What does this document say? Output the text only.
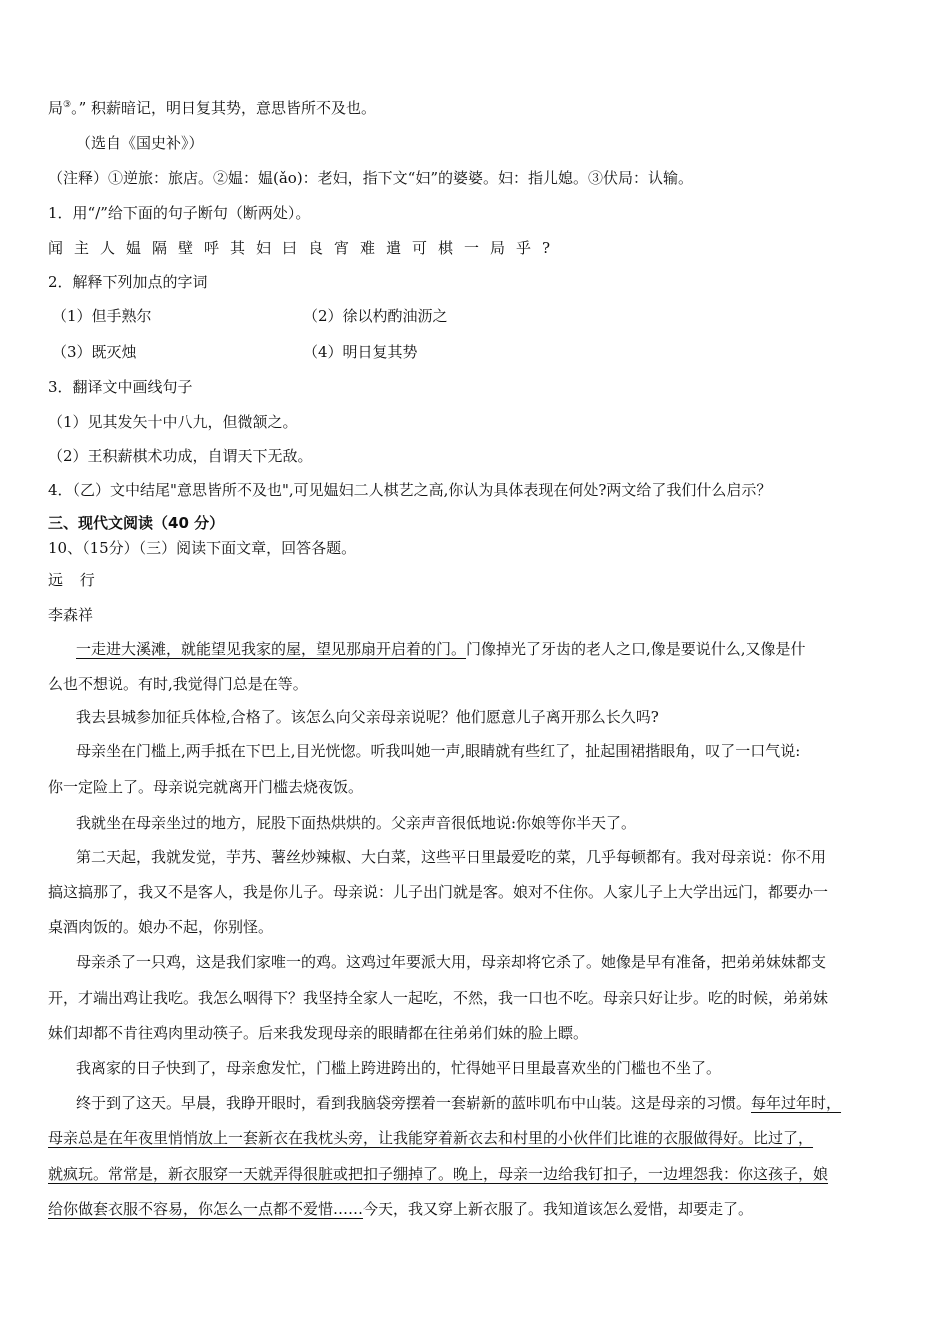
局③。” 积薪暗记，明日复其势，意思皆所不及也。
（选自《国史补》）
（注释）①逆旅：旅店。②媪：媪(ǎo)：老妇，指下文“妇”的婆婆。妇：指儿媳。③伏局：认输。
1．用“/”给下面的句子断句（断两处）。
闻主人媪隔壁呼其妇曰良宵难遣可棋一局乎?
2．解释下列加点的字词
（1）但手熟尔	（2）徐以杓酌油沥之
（3）既灭烛	（4）明日复其势
3．翻译文中画线句子
（1）见其发矢十中八九，但微颔之。
（2）王积薪棋术功成，自谓天下无敌。
4．（乙）文中结尾"意思皆所不及也",可见媪妇二人棋艺之高,你认为具体表现在何处?两文给了我们什么启示？
三、现代文阅读（40 分）
10、（15分）（三）阅读下面文章，回答各题。
远 行
李森祥
一走进大溪滩，就能望见我家的屋，望见那扇开启着的门。门像掉光了牙齿的老人之口,像是要说什么,又像是什
么也不想说。有时,我觉得门总是在等。
我去县城参加征兵体检,合格了。该怎么向父亲母亲说呢？他们愿意儿子离开那么长久吗?
母亲坐在门槛上,两手抵在下巴上,目光恍惚。听我叫她一声,眼睛就有些红了，扯起围裙揩眼角，叹了一口气说:
你一定险上了。母亲说完就离开门槛去烧夜饭。
我就坐在母亲坐过的地方，屁股下面热烘烘的。父亲声音很低地说:你娘等你半天了。
第二天起，我就发觉，芋艿、薯丝炒辣椒、大白菜，这些平日里最爱吃的菜，几乎每顿都有。我对母亲说：你不用
搞这搞那了，我又不是客人，我是你儿子。母亲说：儿子出门就是客。娘对不住你。人家儿子上大学出远门，都要办一
桌酒肉饭的。娘办不起，你别怪。
母亲杀了一只鸡，这是我们家唯一的鸡。这鸡过年要派大用，母亲却将它杀了。她像是早有准备，把弟弟妹妹都支
开，才端出鸡让我吃。我怎么咽得下？我坚持全家人一起吃，不然，我一口也不吃。母亲只好让步。吃的时候，弟弟妹
妹们却都不肯往鸡肉里动筷子。后来我发现母亲的眼睛都在往弟弟们妹的脸上瞟。
我离家的日子快到了，母亲愈发忙，门槛上跨进跨出的，忙得她平日里最喜欢坐的门槛也不坐了。
终于到了这天。早晨，我睁开眼时，看到我脑袋旁摆着一套崭新的蓝咔叽布中山装。这是母亲的习惯。每年过年时，
母亲总是在年夜里悄悄放上一套新衣在我枕头旁，让我能穿着新衣去和村里的小伙伴们比谁的衣服做得好。比过了，
就疯玩。常常是，新衣服穿一天就弄得很脏或把扣子绷掉了。晚上，母亲一边给我钉扣子，一边埋怨我：你这孩子，娘
给你做套衣服不容易，你怎么一点都不爱惜……今天，我又穿上新衣服了。我知道该怎么爱惜，却要走了。
